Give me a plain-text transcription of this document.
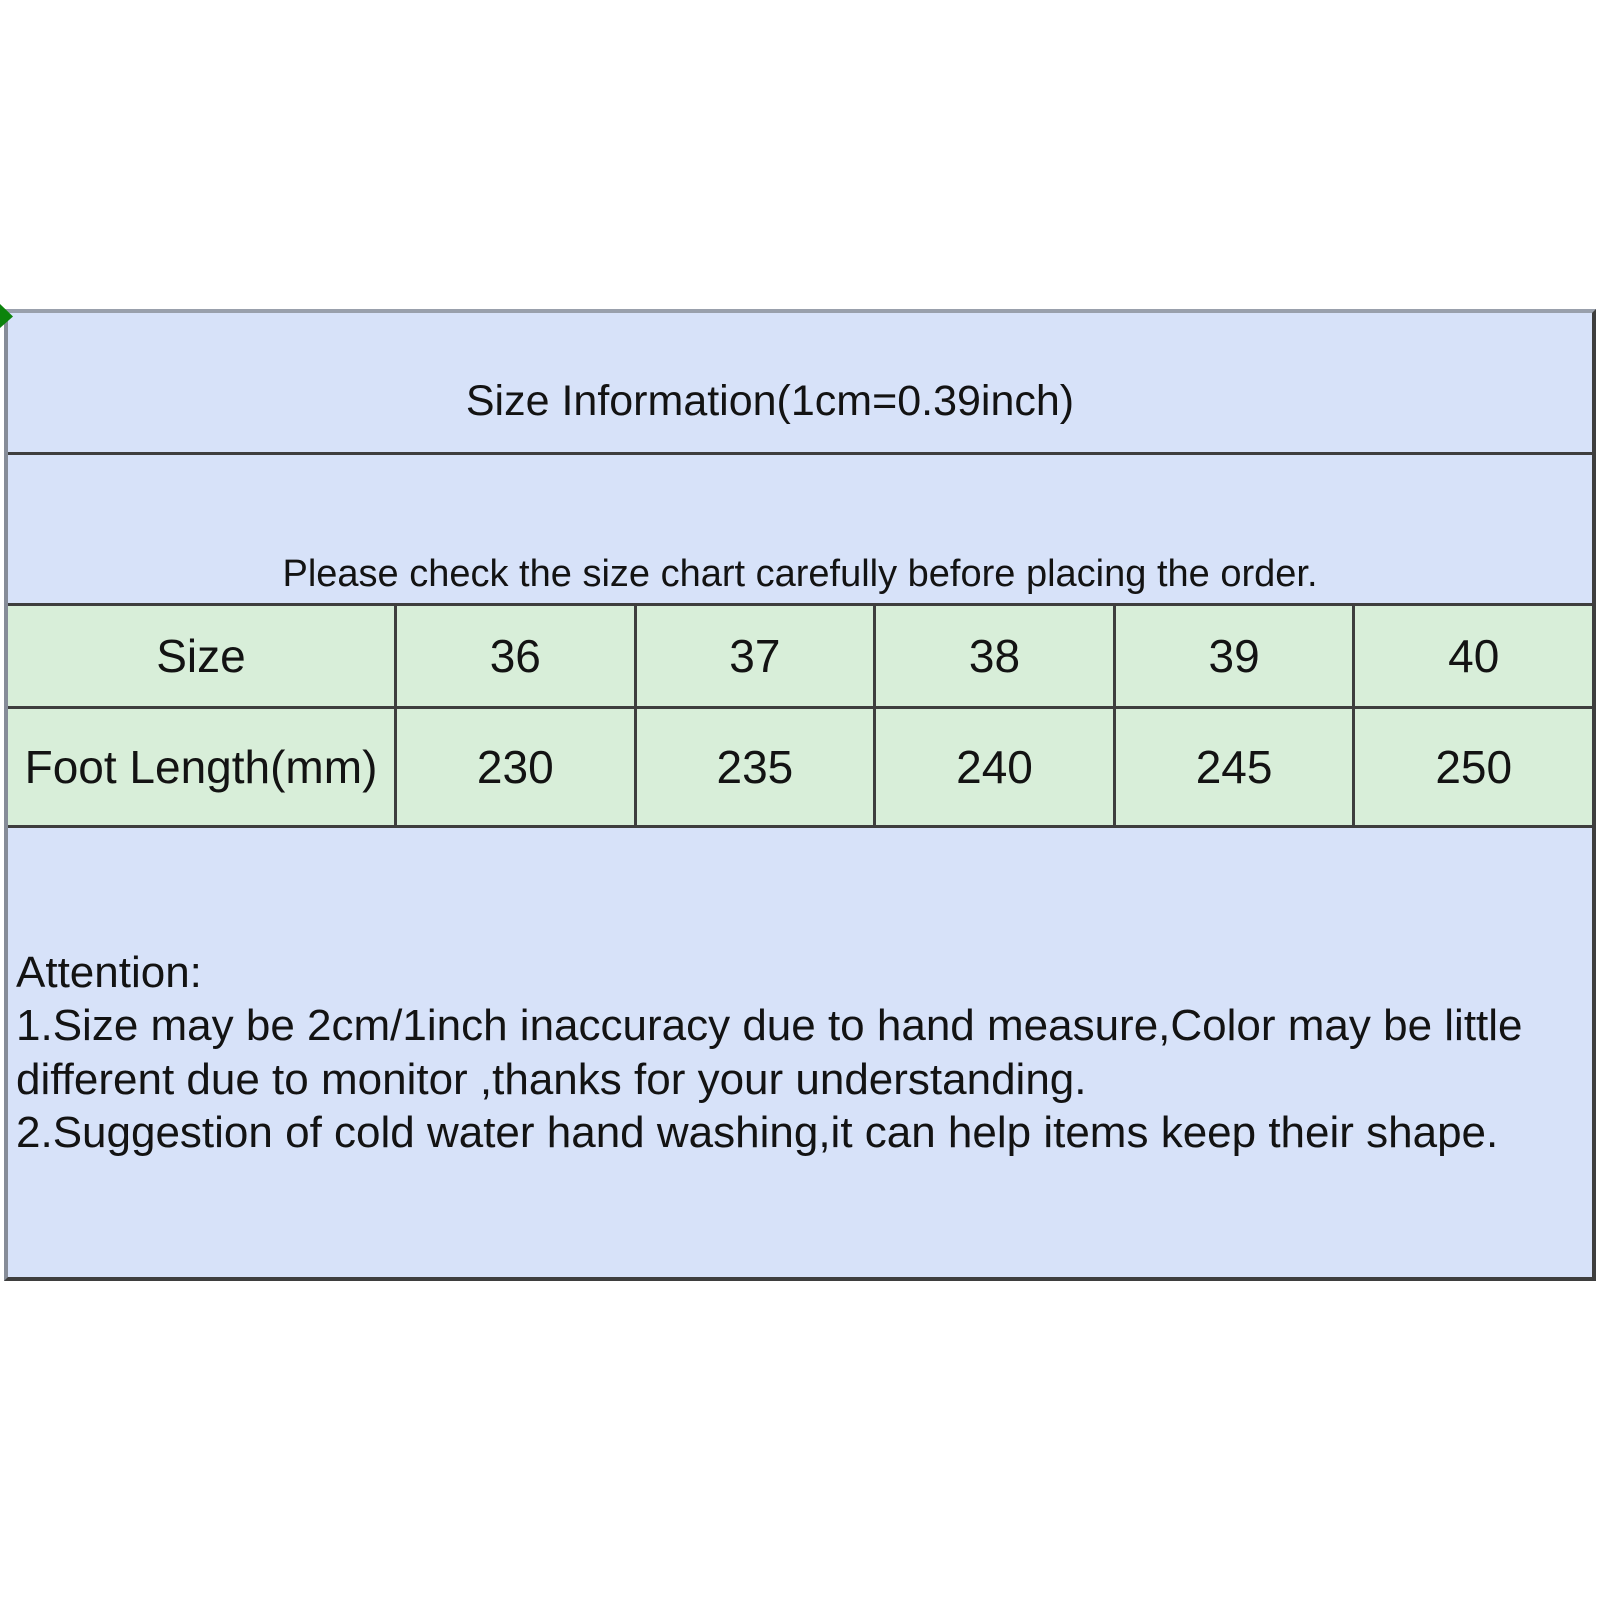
Size Information(1cm=0.39inch)
Please check the size chart carefully before placing the order.
Size	36	37	38	39	40
Foot Length(mm)	230	235	240	245	250
Attention:
1.Size may be 2cm/1inch inaccuracy due to hand measure,Color may be little
different due to monitor ,thanks for your understanding.
2.Suggestion of cold water hand washing,it can help items keep their shape.
